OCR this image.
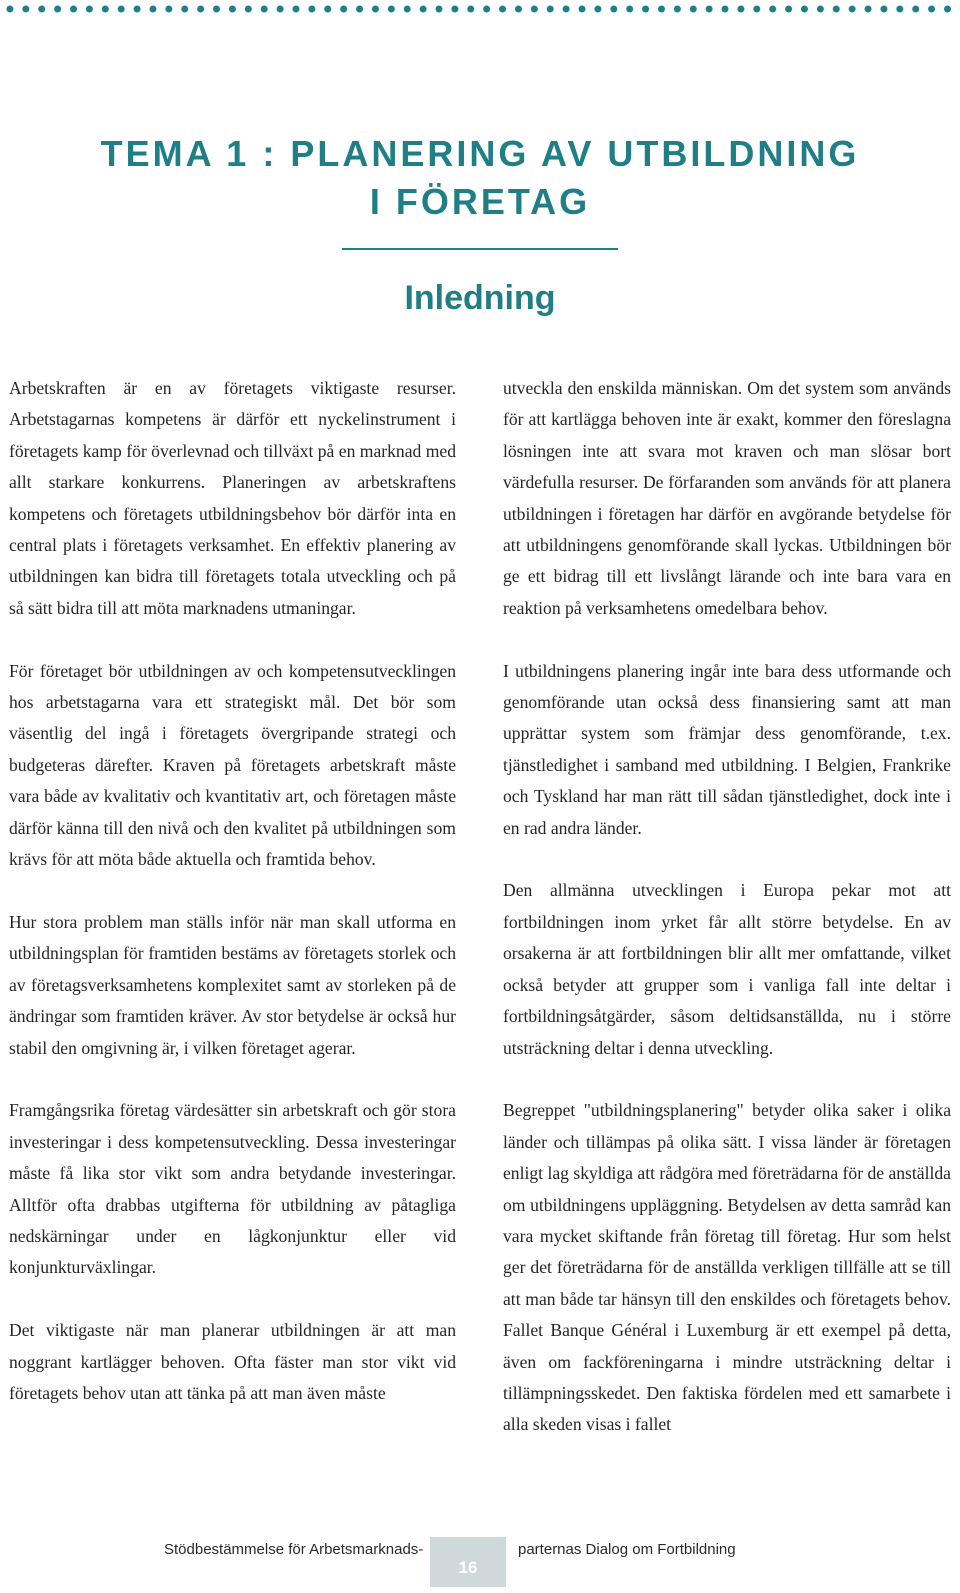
TEMA 1 : PLANERING AV UTBILDNING
I FÖRETAG
Inledning

Arbetskraften är en av företagets viktigaste resurser. Arbetstagarnas kompetens är därför ett nyckelinstrument i företagets kamp för överlevnad och tillväxt på en marknad med allt starkare konkurrens. Planeringen av arbetskraftens kompetens och företagets utbildningsbehov bör därför inta en central plats i företagets verksamhet. En effektiv planering av utbildningen kan bidra till företagets totala utveckling och på så sätt bidra till att möta marknadens utmaningar.

För företaget bör utbildningen av och kompetensutvecklingen hos arbetstagarna vara ett strategiskt mål. Det bör som väsentlig del ingå i företagets övergripande strategi och budgeteras därefter. Kraven på företagets arbetskraft måste vara både av kvalitativ och kvantitativ art, och företagen måste därför känna till den nivå och den kvalitet på utbildningen som krävs för att möta både aktuella och framtida behov.

Hur stora problem man ställs inför när man skall utforma en utbildningsplan för framtiden bestäms av företagets storlek och av företagsverksamhetens komplexitet samt av storleken på de ändringar som framtiden kräver. Av stor betydelse är också hur stabil den omgivning är, i vilken företaget agerar.

Framgångsrika företag värdesätter sin arbetskraft och gör stora investeringar i dess kompetensutveckling. Dessa investeringar måste få lika stor vikt som andra betydande investeringar. Alltför ofta drabbas utgifterna för utbildning av påtagliga nedskärningar under en lågkonjunktur eller vid konjunkturväxlingar.

Det viktigaste när man planerar utbildningen är att man noggrant kartlägger behoven. Ofta fäster man stor vikt vid företagets behov utan att tänka på att man även måste

utveckla den enskilda människan. Om det system som används för att kartlägga behoven inte är exakt, kommer den föreslagna lösningen inte att svara mot kraven och man slösar bort värdefulla resurser. De förfaranden som används för att planera utbildningen i företagen har därför en avgörande betydelse för att utbildningens genomförande skall lyckas. Utbildningen bör ge ett bidrag till ett livslångt lärande och inte bara vara en reaktion på verksamhetens omedelbara behov.

I utbildningens planering ingår inte bara dess utformande och genomförande utan också dess finansiering samt att man upprättar system som främjar dess genomförande, t.ex. tjänstledighet i samband med utbildning. I Belgien, Frankrike och Tyskland har man rätt till sådan tjänstledighet, dock inte i en rad andra länder.

Den allmänna utvecklingen i Europa pekar mot att fortbildningen inom yrket får allt större betydelse. En av orsakerna är att fortbildningen blir allt mer omfattande, vilket också betyder att grupper som i vanliga fall inte deltar i fortbildningsåtgärder, såsom deltidsanställda, nu i större utsträckning deltar i denna utveckling.

Begreppet "utbildningsplanering" betyder olika saker i olika länder och tillämpas på olika sätt. I vissa länder är företagen enligt lag skyldiga att rådgöra med företrädarna för de anställda om utbildningens uppläggning. Betydelsen av detta samråd kan vara mycket skiftande från företag till företag. Hur som helst ger det företrädarna för de anställda verkligen tillfälle att se till att man både tar hänsyn till den enskildes och företagets behov. Fallet Banque Général i Luxemburg är ett exempel på detta, även om fackföreningarna i mindre utsträckning deltar i tillämpningsskedet. Den faktiska fördelen med ett samarbete i alla skeden visas i fallet

Stödbestämmelse för Arbetsmarknads-
16
parternas Dialog om Fortbildning
